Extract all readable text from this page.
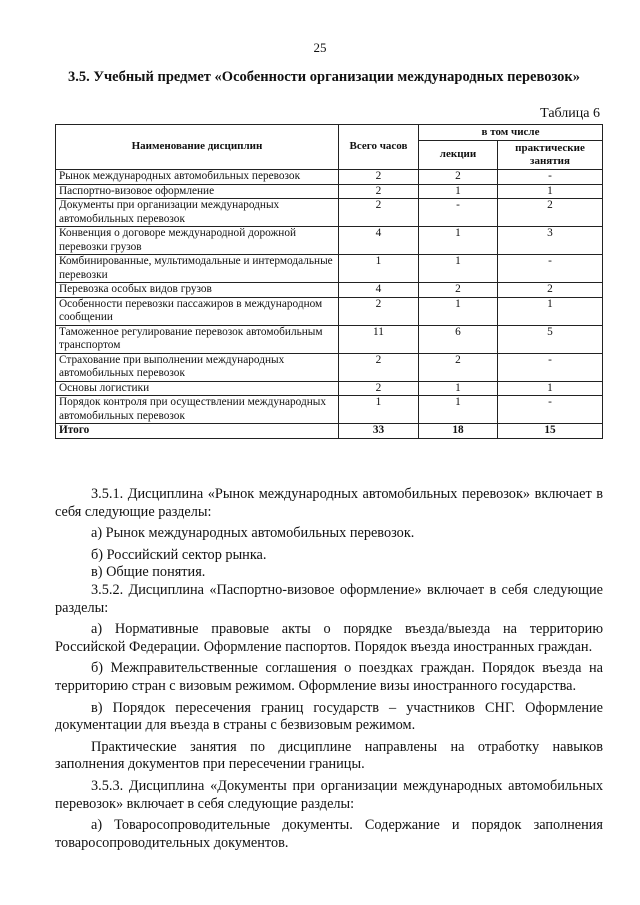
25
3.5. Учебный предмет «Особенности организации международных перевозок»
Таблица 6
Наименование дисциплин	Всего часов	в том числе	
		лекции	практические занятия
Рынок международных автомобильных перевозок	2	2	-
Паспортно-визовое оформление	2	1	1
Документы при организации международных автомобильных перевозок	2	-	2
Конвенция о договоре международной дорожной перевозки грузов	4	1	3
Комбинированные, мультимодальные и интермодальные перевозки	1	1	-
Перевозка особых видов грузов	4	2	2
Особенности перевозки пассажиров в международном сообщении	2	1	1
Таможенное регулирование перевозок автомобильным транспортом	11	6	5
Страхование при выполнении международных автомобильных перевозок	2	2	-
Основы логистики	2	1	1
Порядок контроля при осуществлении международных автомобильных перевозок	1	1	-
Итого	33	18	15

3.5.1. Дисциплина «Рынок международных автомобильных перевозок» включает в себя следующие разделы:

а) Рынок международных автомобильных перевозок.

б) Российский сектор рынка.

в) Общие понятия.

3.5.2. Дисциплина «Паспортно-визовое оформление» включает в себя следующие разделы:

а) Нормативные правовые акты о порядке въезда/выезда на территорию Российской Федерации. Оформление паспортов. Порядок въезда иностранных граждан.

б) Межправительственные соглашения о поездках граждан. Порядок въезда на территорию стран с визовым режимом. Оформление визы иностранного государства.

в) Порядок пересечения границ государств – участников СНГ. Оформление документации для въезда в страны с безвизовым режимом.

Практические занятия по дисциплине направлены на отработку навыков заполнения документов при пересечении границы.

3.5.3. Дисциплина «Документы при организации международных автомобильных перевозок» включает в себя следующие разделы:

а) Товаросопроводительные документы. Содержание и порядок заполнения товаросопроводительных документов.
